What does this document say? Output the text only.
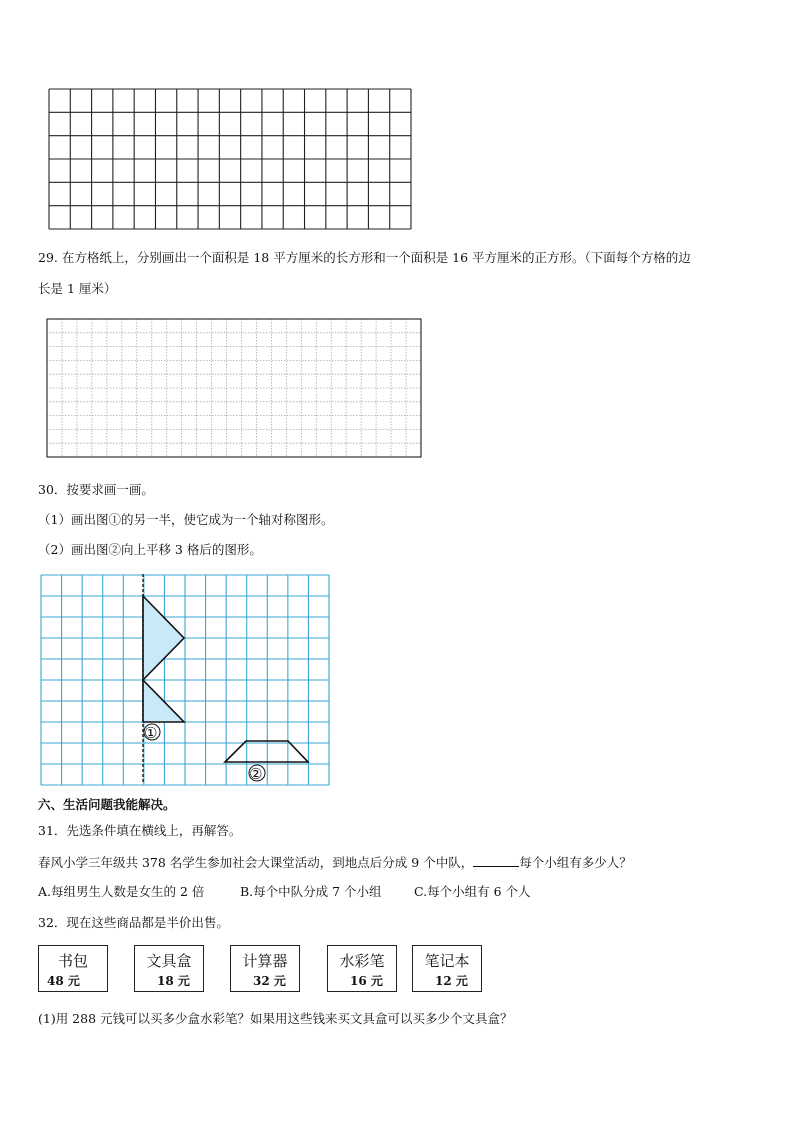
29. 在方格纸上，分别画出一个面积是 18 平方厘米的长方形和一个面积是 16 平方厘米的正方形。（下面每个方格的边
长是 1 厘米）
30．按要求画一画。
（1）画出图①的另一半，使它成为一个轴对称图形。
（2）画出图②向上平移 3 格后的图形。
①
②
六、生活问题我能解决。
31．先选条件填在横线上，再解答。
春风小学三年级共 378 名学生参加社会大课堂活动，到地点后分成 9 个中队，	每个小组有多少人？
A.每组男生人数是女生的 2 倍	B.每个中队分成 7 个小组	C.每个小组有 6 个人
32．现在这些商品都是半价出售。
书包
48 元
文具盒
18 元
计算器
32 元
水彩笔
16 元
笔记本
12 元
(1)用 288 元钱可以买多少盒水彩笔？如果用这些钱来买文具盒可以买多少个文具盒？
